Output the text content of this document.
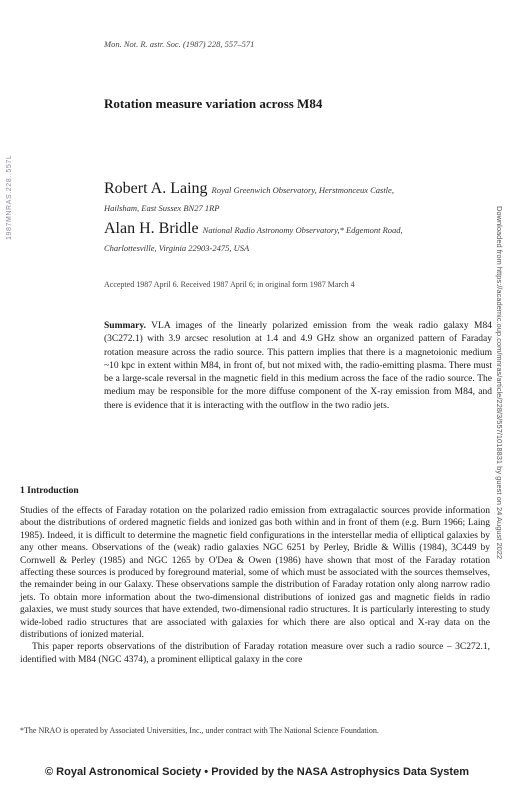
1987MNRAS.228..557L
Downloaded from https://academic.oup.com/mnras/article/228/3/557/1018831 by guest on 24 August 2022
Mon. Not. R. astr. Soc. (1987) 228, 557–571
Rotation measure variation across M84
Robert A. Laing Royal Greenwich Observatory, Herstmonceux Castle,
Hailsham, East Sussex BN27 1RP
Alan H. Bridle National Radio Astronomy Observatory,* Edgemont Road,
Charlottesville, Virginia 22903-2475, USA
Accepted 1987 April 6. Received 1987 April 6; in original form 1987 March 4
Summary. VLA images of the linearly polarized emission from the weak radio galaxy M84 (3C272.1) with 3.9 arcsec resolution at 1.4 and 4.9 GHz show an organized pattern of Faraday rotation measure across the radio source. This pattern implies that there is a magnetoionic medium ~10 kpc in extent within M84, in front of, but not mixed with, the radio-emitting plasma. There must be a large-scale reversal in the magnetic field in this medium across the face of the radio source. The medium may be responsible for the more diffuse component of the X-ray emission from M84, and there is evidence that it is interacting with the outflow in the two radio jets.
1 Introduction

Studies of the effects of Faraday rotation on the polarized radio emission from extragalactic sources provide information about the distributions of ordered magnetic fields and ionized gas both within and in front of them (e.g. Burn 1966; Laing 1985). Indeed, it is difficult to determine the magnetic field configurations in the interstellar media of elliptical galaxies by any other means. Observations of the (weak) radio galaxies NGC 6251 by Perley, Bridle & Willis (1984), 3C449 by Cornwell & Perley (1985) and NGC 1265 by O'Dea & Owen (1986) have shown that most of the Faraday rotation affecting these sources is produced by foreground material, some of which must be associated with the sources themselves, the remainder being in our Galaxy. These observations sample the distribution of Faraday rotation only along narrow radio jets. To obtain more information about the two-dimensional distributions of ionized gas and magnetic fields in radio galaxies, we must study sources that have extended, two-dimensional radio structures. It is particularly interesting to study wide-lobed radio structures that are associated with galaxies for which there are also optical and X-ray data on the distributions of ionized material.

This paper reports observations of the distribution of Faraday rotation measure over such a radio source – 3C272.1, identified with M84 (NGC 4374), a prominent elliptical galaxy in the core

*The NRAO is operated by Associated Universities, Inc., under contract with The National Science Foundation.
© Royal Astronomical Society • Provided by the NASA Astrophysics Data System
